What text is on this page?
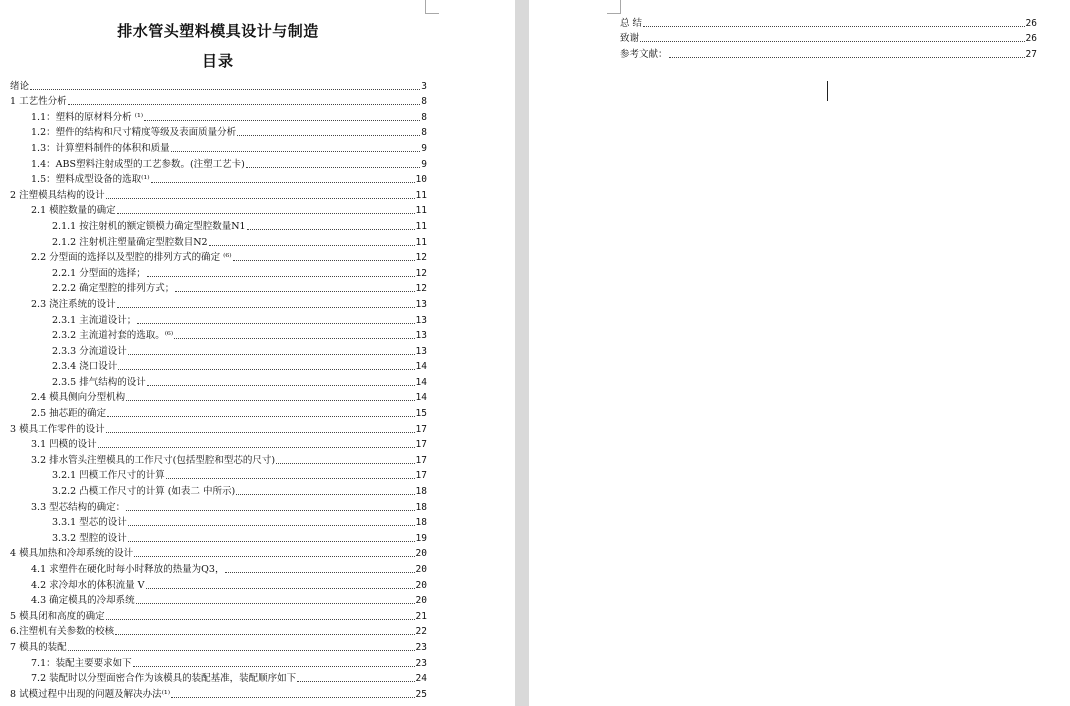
排水管头塑料模具设计与制造
目录
绪论	3
1 工艺性分析	8
1.1：塑料的原材料分析 ⁽¹⁾	8
1.2：塑件的结构和尺寸精度等级及表面质量分析	8
1.3：计算塑料制件的体积和质量	9
1.4：ABS塑料注射成型的工艺参数。(注塑工艺卡)	9
1.5：塑料成型设备的选取⁽¹⁾	10
2 注塑模具结构的设计	11
2.1 模腔数量的确定	11
2.1.1 按注射机的额定锁模力确定型腔数量N1	11
2.1.2 注射机注塑量确定型腔数目N2	11
2.2 分型面的选择以及型腔的排列方式的确定 ⁽⁶⁾	12
2.2.1 分型面的选择；	12
2.2.2 确定型腔的排列方式；	12
2.3 浇注系统的设计	13
2.3.1 主流道设计；	13
2.3.2 主流道衬套的选取。⁽⁶⁾	13
2.3.3 分流道设计	13
2.3.4 浇口设计	14
2.3.5 排气结构的设计	14
2.4 模具侧向分型机构	14
2.5 抽芯距的确定	15
3 模具工作零件的设计	17
3.1 凹模的设计	17
3.2 排水管头注塑模具的工作尺寸(包括型腔和型芯的尺寸)	17
3.2.1 凹模工作尺寸的计算	17
3.2.2 凸模工作尺寸的计算 (如表二 中所示)	18
3.3 型芯结构的确定：	18
3.3.1 型芯的设计	18
3.3.2 型腔的设计	19
4 模具加热和冷却系统的设计	20
4.1 求塑件在硬化时每小时释放的热量为Q3，	20
4.2 求冷却水的体积流量 V	20
4.3 确定模具的冷却系统	20
5 模具闭和高度的确定	21
6.注塑机有关参数的校核	22
7 模具的装配	23
7.1：装配主要要求如下	23
7.2 装配时以分型面密合作为该模具的装配基准，装配顺序如下	24
8 试模过程中出现的问题及解决办法⁽¹⁾	25
总 结	26
致谢	26
参考文献：	27
